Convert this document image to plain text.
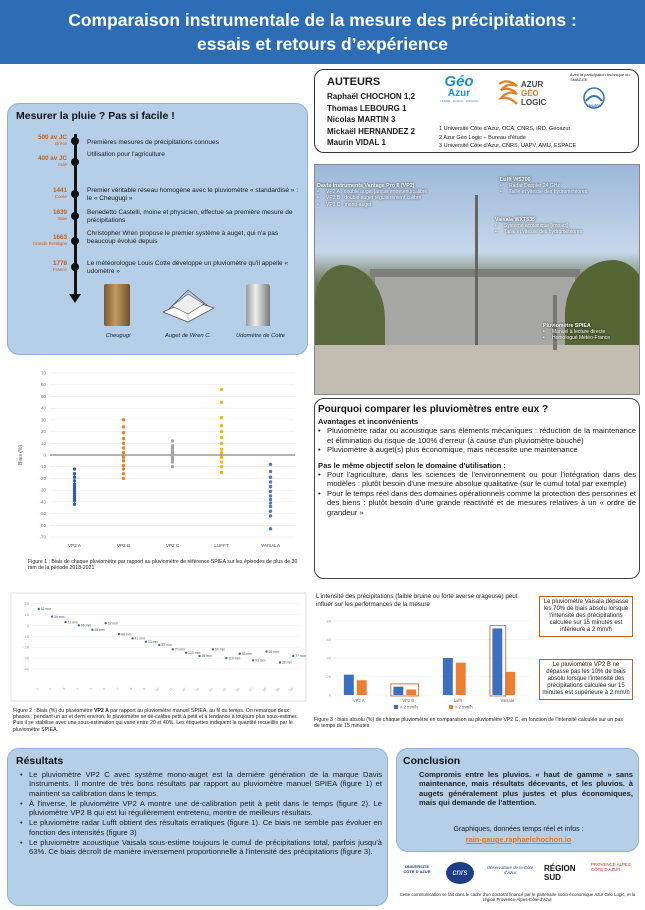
Comparaison instrumentale de la mesure des précipitations :
essais et retours d’expérience
AUTEURS
Raphaël CHOCHON 1,2
Thomas LEBOURG 1
Nicolas MARTIN 3
Mickaël HERNANDEZ 2
Maurin VIDAL 1
Géo
Azur
TERRE · OCÉAN · ESPACE
AZUR
GÉO
LOGIC
Avec la participation technique du SMAGGE
SMAGGE
1 Université Côte d'Azur, OCA, CNRS, IRD, Géoazur
2 Azur Géo Logic – Bureau d'étude
3 Université Côte d'Azur, CNRS, UAPV, AMU, ESPACE
Mesurer la pluie ? Pas si facile !
500 av JC
Grèce	Premières mesures de précipitations connues
400 av JC
Inde
Utilisation pour l'agriculture
1441
Corée
Premier véritable réseau homogène avec le pluviomètre « standardisé » : le « Cheugugi »
1639
Italie
Benedetto Castelli, moine et physicien, effectue sa première mesure de précipitations
1663
Grande Bretagne
Christopher Wren propose le premier système à auget, qui n'a pas beaucoup évolué depuis
1778
France
Le météorologue Louis Cotte développe un pluviomètre qu'il appelle « udomètre »
Cheugugi	Auget de Wren C.	Udomètre de Cotte
Davis Instruments Vantage Pro II (VP2)
• VP2 A : double auget jamais entretenu/calibré
• VP2 B : double auget régulièrement calibré
• VP2 C : mono-auget
Lufft WS700
• Radar Doppler 24 GHz
• Taille et vitesse des hydrométéores
Vaisala WXT535
• Système acoustique (impact)
• Taille et vitesse des hydrométéores
Pluviomètre SPIEA
• Manuel à lecture directe
• Homologué Météo-France
70
60
50
40
30
20
10
0
-10
-20
-30
-40
-50
-60
-70
Biais (%)
VP2 A	VP2 B	VP2 C	LUFFT	VAISALA
Figure 1 : Biais de chaque pluviomètre par rapport au pluviomètre de référence SPIEA sur les épisodes de plus de 30 mm de la période 2018-2021
Pourquoi comparer les pluviomètres entre eux ?
Avantages et inconvénients
• Pluviomètre radar ou acoustique sans éléments mécaniques : réduction de la maintenance et élimination du risque de 100% d'erreur (à cause d'un pluviomètre bouché)
• Pluviomètre à auget(s) plus économique, mais nécessite une maintenance
Pas le même objectif selon le domaine d'utilisation :
• Pour l'agriculture, dans les sciences de l'environnement ou pour l'intégration dans des modèles : plutôt besoin d'une mesure absolue qualitative (sur le cumul total par exemple)
• Pour le temps réel dans des domaines opérationnels comme la protection des personnes et des biens : plutôt besoin d'une grande réactivité et de mesures relatives à un « ordre de grandeur »
20
10
0
-10
-20
-30
-40
52 mm
1
34 mm
2
71 mm
3
96 mm
4
45 mm
5
62 mm
6
88 mm
7
41 mm
8
33 mm
9
57 mm
10
70 mm
11
120 mm
12
39 mm
13
64 mm
14
110 mm
15
48 mm
16
93 mm
17
55 mm
18
38 mm
19
77 mm
20
Figure 2 : Biais (%) du pluviomètre VP2 A par rapport au pluviomètre manuel SPIEA, au fil du temps. On remarque deux phases : pendant un an et demi environ, le pluviomètre se dé-calibre petit à petit et a tendance à toujours plus sous-estimer. Puis il se stabilise avec une sous-estimation qui varie entre 20 et 40%. Les étiquettes indiquent la quantité recueillie par le pluviomètre SPIEA.
L'intensité des précipitations (faible bruine ou forte averse orageuse) peut influer sur les performances de la mesure
0
20
40
60
80
VP2 A	VP2 B	Lufft	Vaisala
< 2 mm/h	> 2 mm/h
Figure 3 : biais absolu (%) de chaque pluviomètre en comparaison au pluviomètre VP2 C, en fonction de l'intensité calculée sur un pas de temps de 15 minutes
Le pluviomètre Vaisala dépasse les 70% de biais absolu lorsque l'intensité des précipitations calculée sur 15 minutes est inférieure à 2 mm/h
Le pluviomètre VP2 B ne dépasse pas les 10% de biais absolu lorsque l'intensité des précipitations calculée sur 15 minutes est supérieure à 2 mm/h
Résultats
• Le pluviomètre VP2 C avec système mono-auget est la dernière génération de la marque Davis Instruments. Il montre de très bons résultats par rapport au pluviomètre manuel SPIEA (figure 1) et maintient sa calibration dans le temps.
• À l'inverse, le pluviomètre VP2 A montre une dé-calibration petit à petit dans le temps (figure 2). Le pluviomètre VP2 B qui est lui régulièrement entretenu, montre de meilleurs résultats.
• Le pluviomètre radar Lufft obtient des résultats erratiques (figure 1). Ce biais ne semble pas évoluer en fonction des intensités (figure 3)
• Le pluviomètre acoustique Vaisala sous-estime toujours le cumul de précipitations total, parfois jusqu'à 63%. Ce biais décroît de manière inversement proportionnelle à l'intensité des précipitations (figure 3).
Conclusion
Compromis entre les pluvios. « haut de gamme » sans maintenance, mais résultats décevants, et les pluvios. à augets généralement plus justes et plus économiques, mais qui demande de l'attention.
Graphiques, données temps réel et infos :
rain-gauge.raphaelchochon.io
UNIVERSITÉ CÔTE D'AZUR	cnrs
Observatoire de la Côte d'Azur	RÉGION SUD
PROVENCE ALPES CÔTE D'AZUR
Cette communication se fait dans le cadre d'un doctorat financé par le partenaire socio-économique Azur Géo Logic, et la région Provence-Alpes-Côte-d'Azur
